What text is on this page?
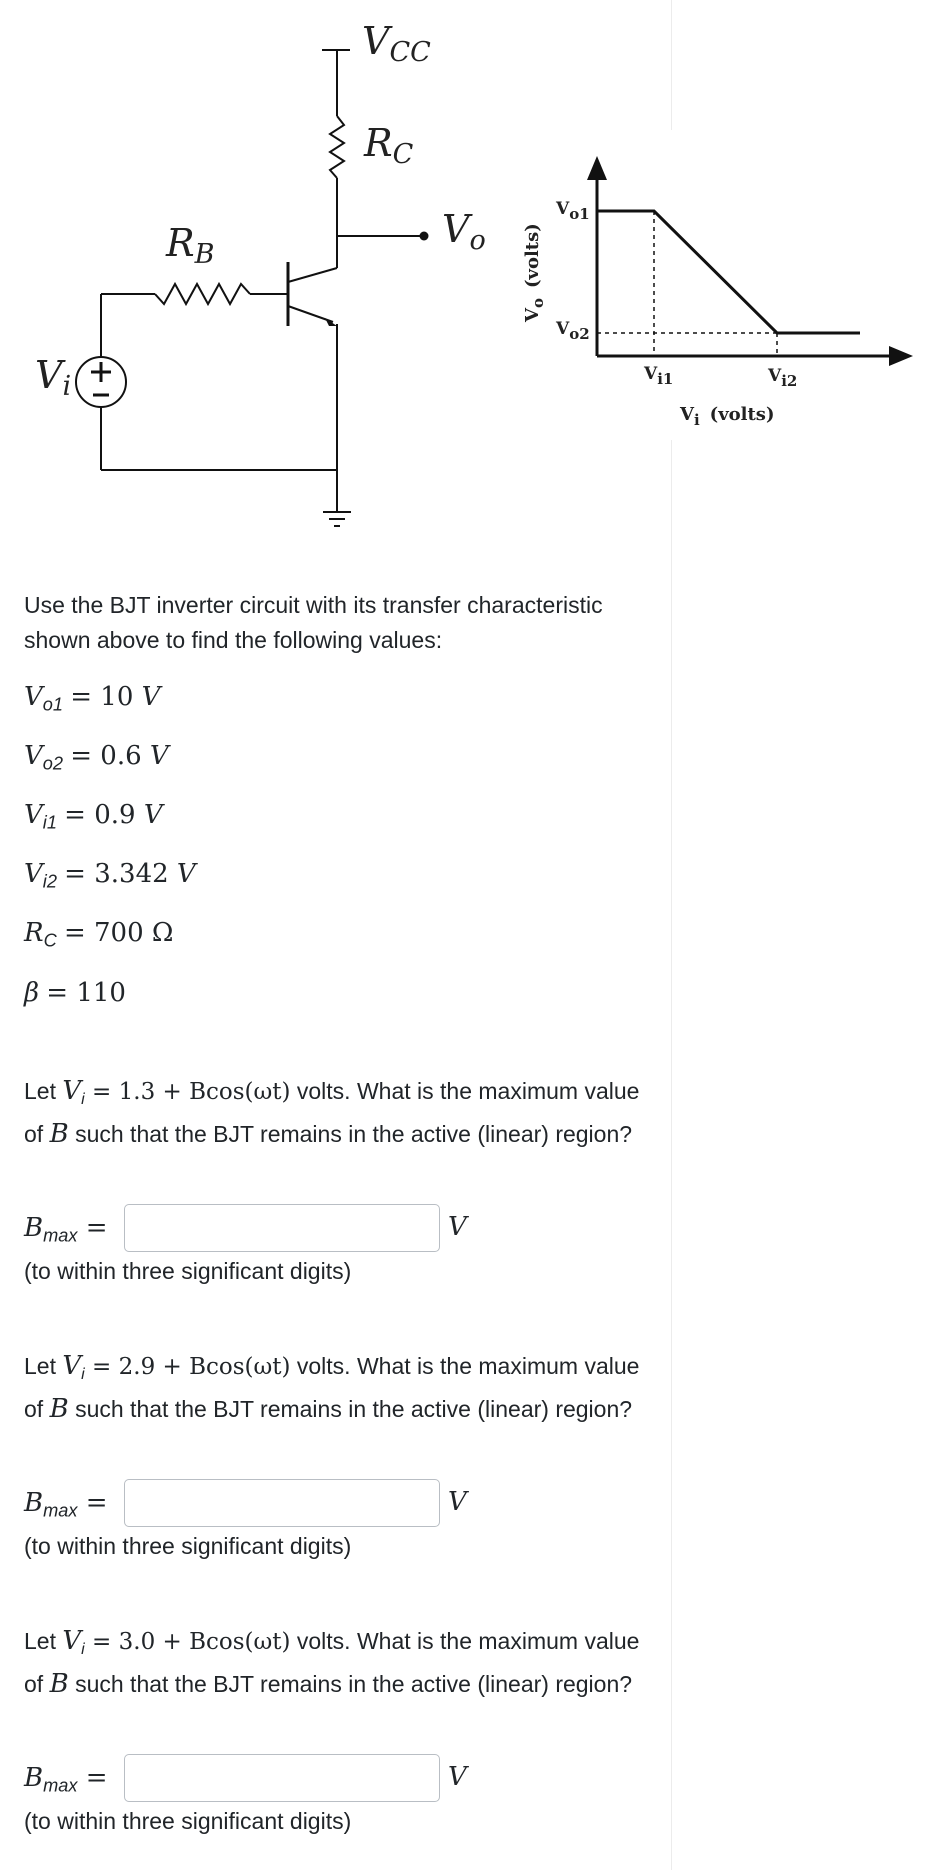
VCC
RC
RB
Vo
Vi
Vo1
Vo2
Vi1	Vi2
$V_i$ (volts)
$V_o(volts)$

Use the BJT inverter circuit with its transfer characteristic shown above to find the following values:

$V_{o1} = 10$ V
$V_{o2} = 0.6$ V
$V_{i1} = 0.9$ V
$V_{i2} = 3.342$ V
$R_C = 700$ Ω
β = 110

Let $V_i = 1.3 + Bcos(\omega t)$ volts. What is the maximum value of B such that the BJT remains in the active (linear) region?

$B_{max}$ =	V

(to within three significant digits)

Let $V_i = 2.9 + Bcos(\omega t)$ volts. What is the maximum value of B such that the BJT remains in the active (linear) region?

$B_{max}$ =	V

(to within three significant digits)

Let $V_i = 3.0 + Bcos(\omega t)$ volts. What is the maximum value of B such that the BJT remains in the active (linear) region?

$B_{max}$ =	V

(to within three significant digits)
